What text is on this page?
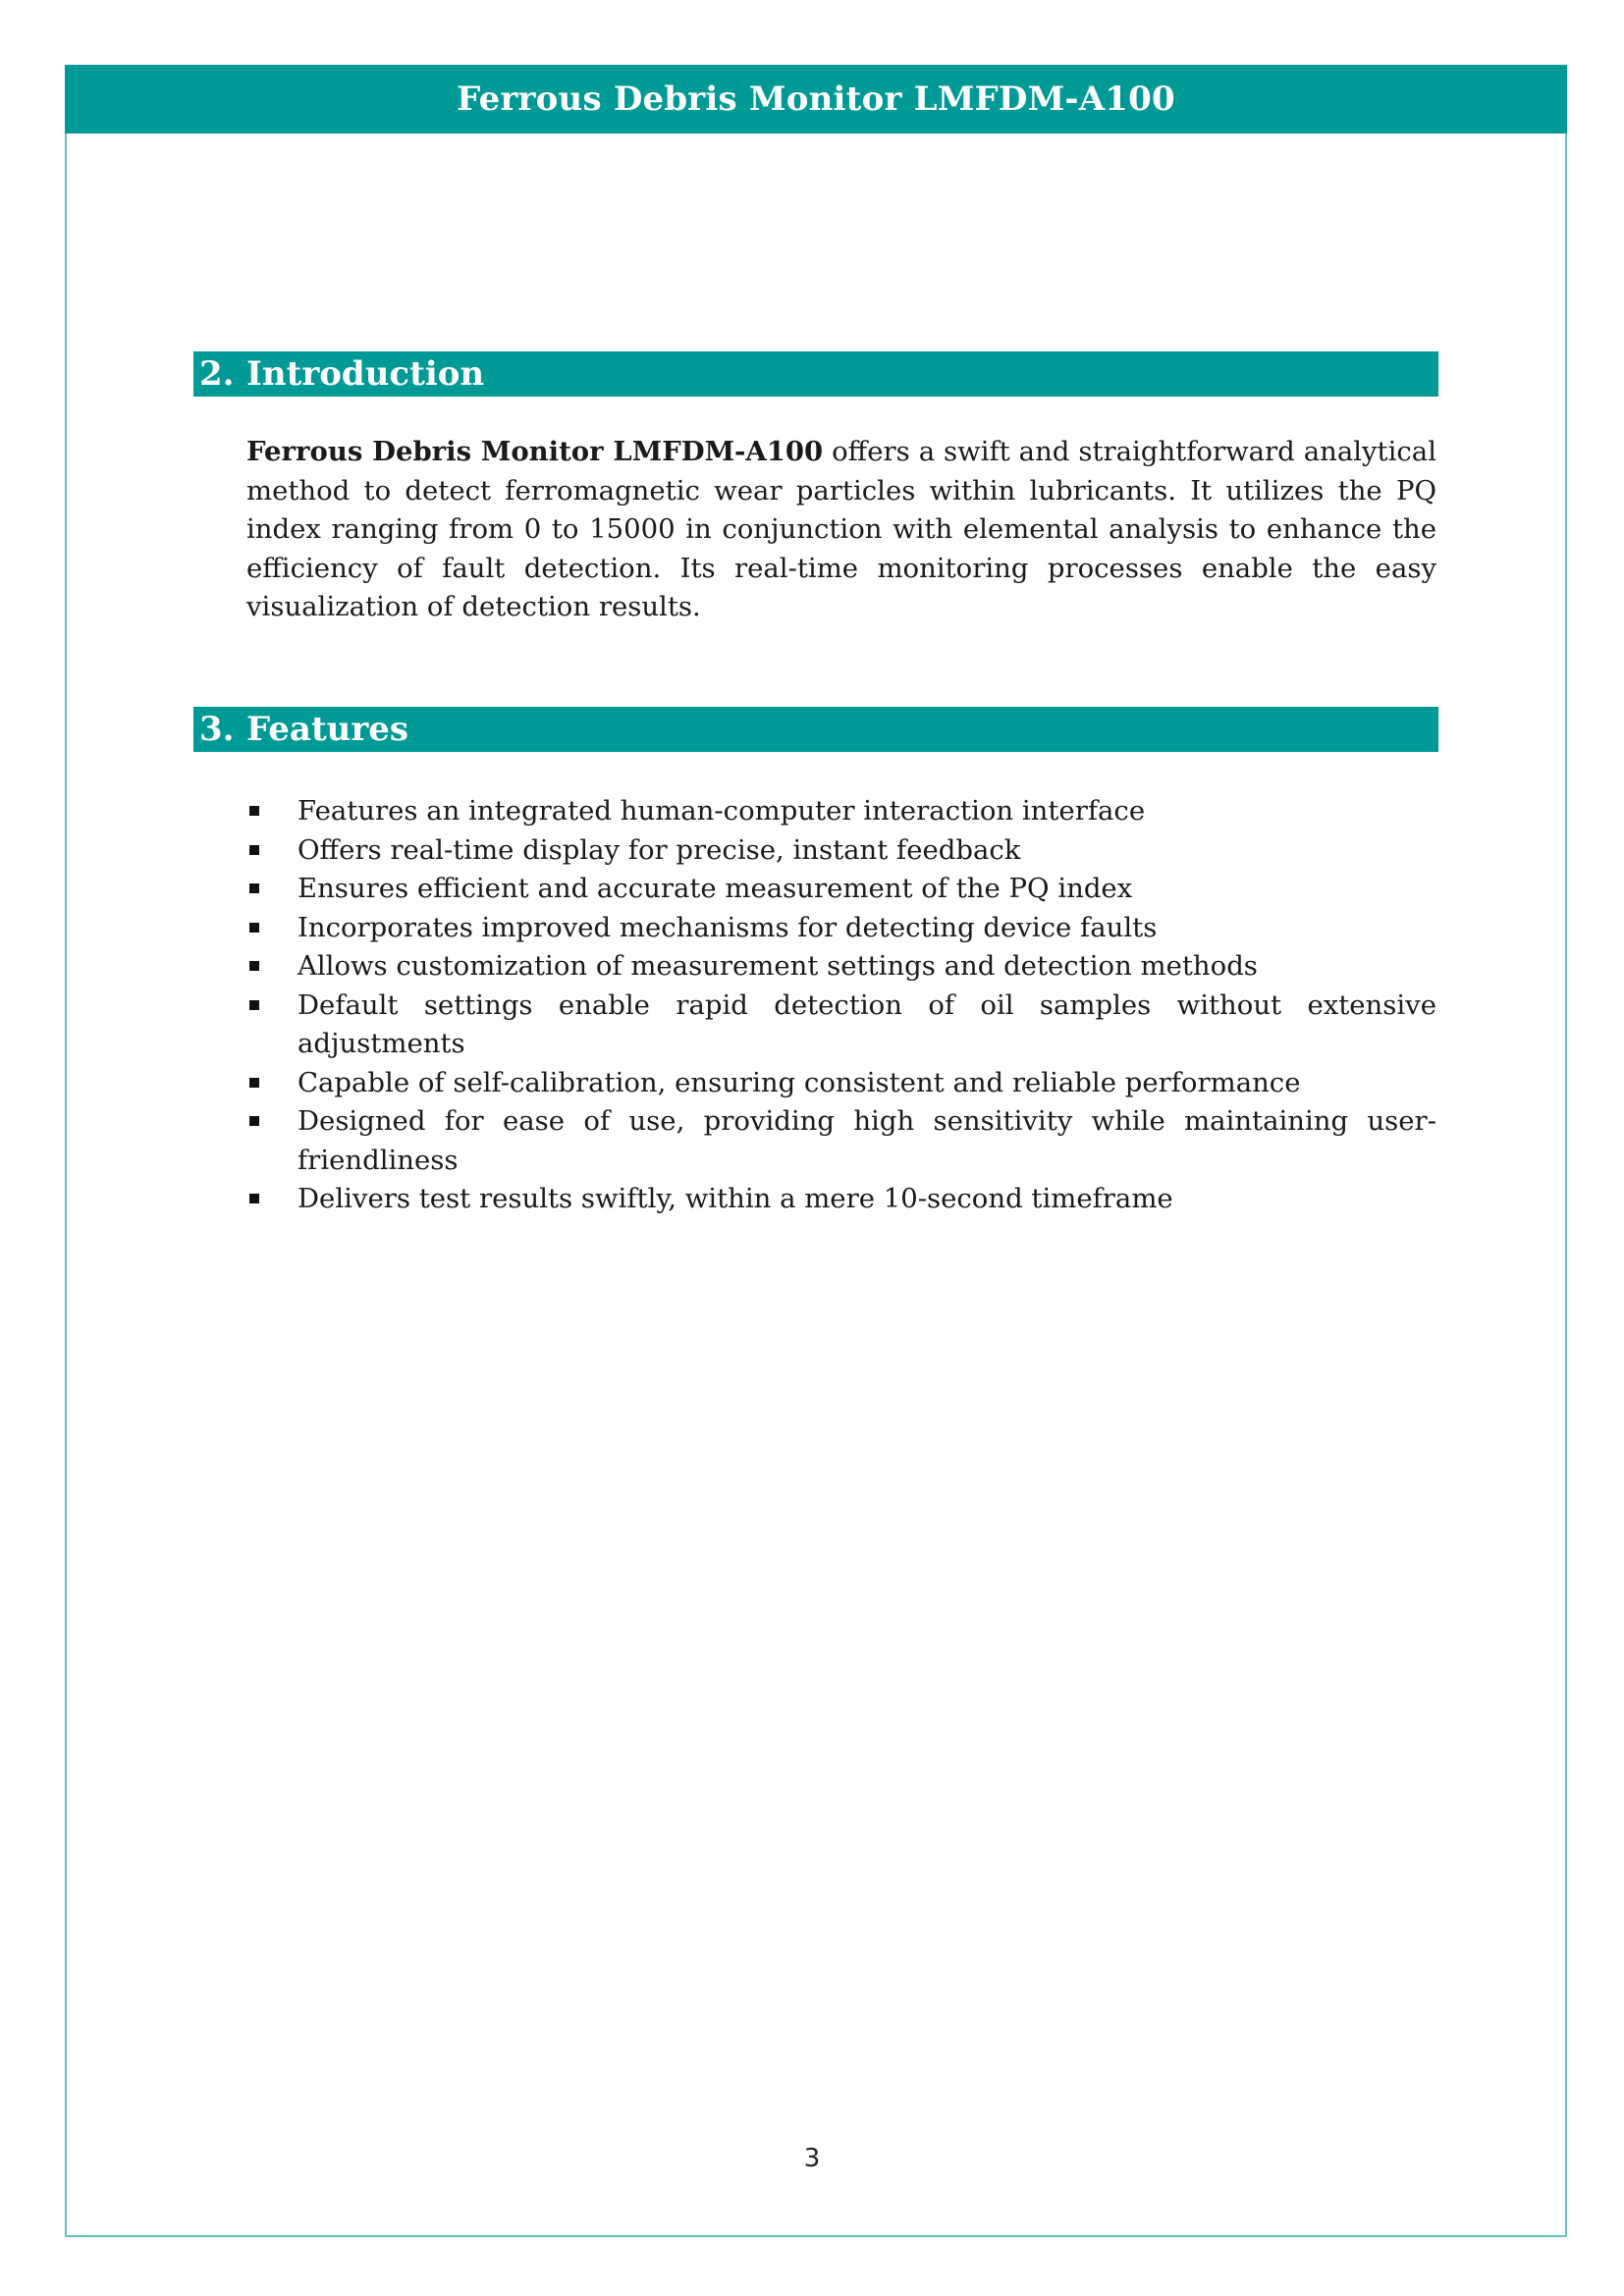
Ferrous Debris Monitor LMFDM-A100
2. Introduction

Ferrous Debris Monitor LMFDM-A100 offers a swift and straightforward analytical method to detect ferromagnetic wear particles within lubricants. It utilizes the PQ index ranging from 0 to 15000 in conjunction with elemental analysis to enhance the efficiency of fault detection. Its real-time monitoring processes enable the easy visualization of detection results.

3. Features
Features an integrated human-computer interaction interface
Offers real-time display for precise, instant feedback
Ensures efficient and accurate measurement of the PQ index
Incorporates improved mechanisms for detecting device faults
Allows customization of measurement settings and detection methods
Default settings enable rapid detection of oil samples without extensive adjustments
Capable of self-calibration, ensuring consistent and reliable performance
Designed for ease of use, providing high sensitivity while maintaining user-friendliness
Delivers test results swiftly, within a mere 10-second timeframe
3
